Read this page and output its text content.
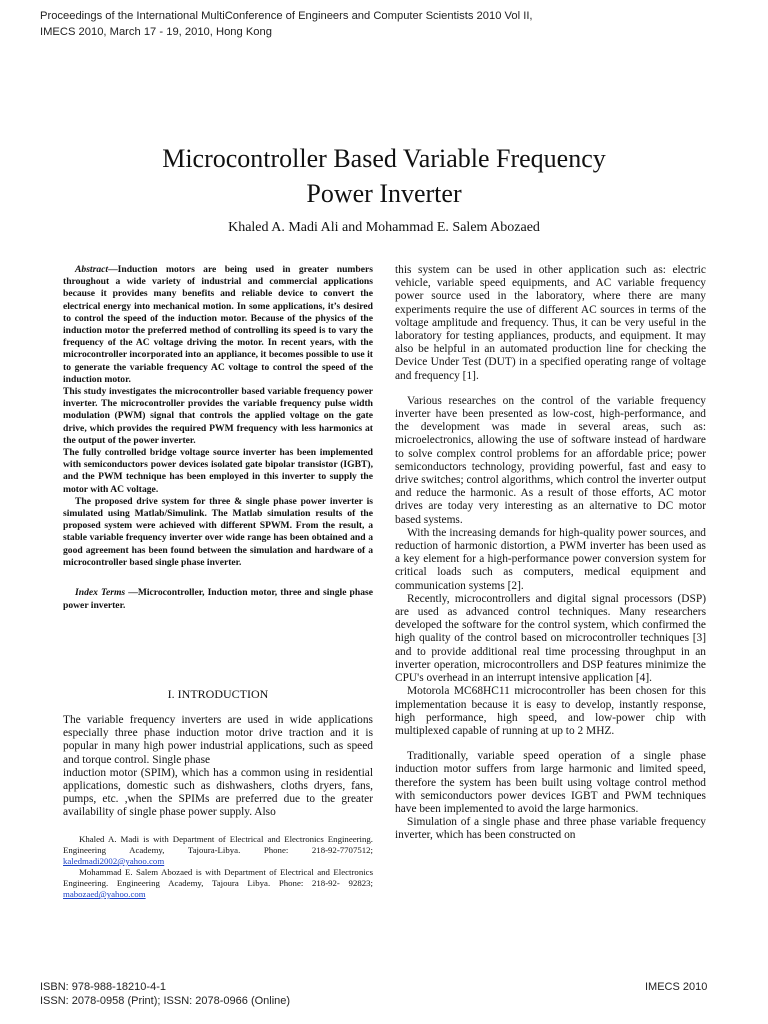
Proceedings of the International MultiConference of Engineers and Computer Scientists 2010 Vol II,
IMECS 2010, March 17 - 19, 2010, Hong Kong
Microcontroller Based Variable Frequency
Power Inverter
Khaled A. Madi Ali and Mohammad E. Salem Abozaed

Abstract—Induction motors are being used in greater numbers throughout a wide variety of industrial and commercial applications because it provides many benefits and reliable device to convert the electrical energy into mechanical motion. In some applications, it’s desired to control the speed of the induction motor. Because of the physics of the induction motor the preferred method of controlling its speed is to vary the frequency of the AC voltage driving the motor. In recent years, with the microcontroller incorporated into an appliance, it becomes possible to use it to generate the variable frequency AC voltage to control the speed of the induction motor.

This study investigates the microcontroller based variable frequency power inverter. The microcontroller provides the variable frequency pulse width modulation (PWM) signal that controls the applied voltage on the gate drive, which provides the required PWM frequency with less harmonics at the output of the power inverter.

The fully controlled bridge voltage source inverter has been implemented with semiconductors power devices isolated gate bipolar transistor (IGBT), and the PWM technique has been employed in this inverter to supply the motor with AC voltage.

The proposed drive system for three & single phase power inverter is simulated using Matlab/Simulink. The Matlab simulation results of the proposed system were achieved with different SPWM. From the result, a stable variable frequency inverter over wide range has been obtained and a good agreement has been found between the simulation and hardware of a microcontroller based single phase inverter.

Index Terms —Microcontroller, Induction motor, three and single phase power inverter.
I. INTRODUCTION

The variable frequency inverters are used in wide applications especially three phase induction motor drive traction and it is popular in many high power industrial applications, such as speed and torque control. Single phase

induction motor (SPIM), which has a common using in residential applications, domestic such as dishwashers, cloths dryers, fans, pumps, etc. ,when the SPIMs are preferred due to the greater availability of single phase power supply. Also

Khaled A. Madi is with Department of Electrical and Electronics Engineering. Engineering Academy, Tajoura-Libya. Phone: 218-92-7707512; kaledmadi2002@yahoo.com

Mohammad E. Salem Abozaed is with Department of Electrical and Electronics Engineering. Engineering Academy, Tajoura Libya. Phone: 218-92- 92823; mabozaed@yahoo.com

this system can be used in other application such as: electric vehicle, variable speed equipments, and AC variable frequency power source used in the laboratory, where there are many experiments require the use of different AC sources in terms of the voltage amplitude and frequency. Thus, it can be very useful in the laboratory for testing appliances, products, and equipment. It may also be helpful in an automated production line for checking the Device Under Test (DUT) in a specified operating range of voltage and frequency [1].

Various researches on the control of the variable frequency inverter have been presented as low-cost, high-performance, and the development was made in several areas, such as: microelectronics, allowing the use of software instead of hardware to solve complex control problems for an affordable price; power semiconductors technology, providing powerful, fast and easy to drive switches; control algorithms, which control the inverter output and reduce the harmonic. As a result of those efforts, AC motor drives are today very interesting as an alternative to DC motor based systems.

With the increasing demands for high-quality power sources, and reduction of harmonic distortion, a PWM inverter has been used as a key element for a high-performance power conversion system for critical loads such as computers, medical equipment and communication systems [2].

Recently, microcontrollers and digital signal processors (DSP) are used as advanced control techniques. Many researchers developed the software for the control system, which confirmed the high quality of the control based on microcontroller techniques [3] and to provide additional real time processing throughput in an inverter operation, microcontrollers and DSP features minimize the CPU's overhead in an interrupt intensive application [4].

Motorola MC68HC11 microcontroller has been chosen for this implementation because it is easy to develop, instantly response, high performance, high speed, and low-power chip with multiplexed capable of running at up to 2 MHZ.

Traditionally, variable speed operation of a single phase induction motor suffers from large harmonic and limited speed, therefore the system has been built using voltage control method with semiconductors power devices IGBT and PWM techniques have been implemented to avoid the large harmonics.

Simulation of a single phase and three phase variable frequency inverter, which has been constructed on

ISBN: 978-988-18210-4-1
ISSN: 2078-0958 (Print); ISSN: 2078-0966 (Online)
IMECS 2010
